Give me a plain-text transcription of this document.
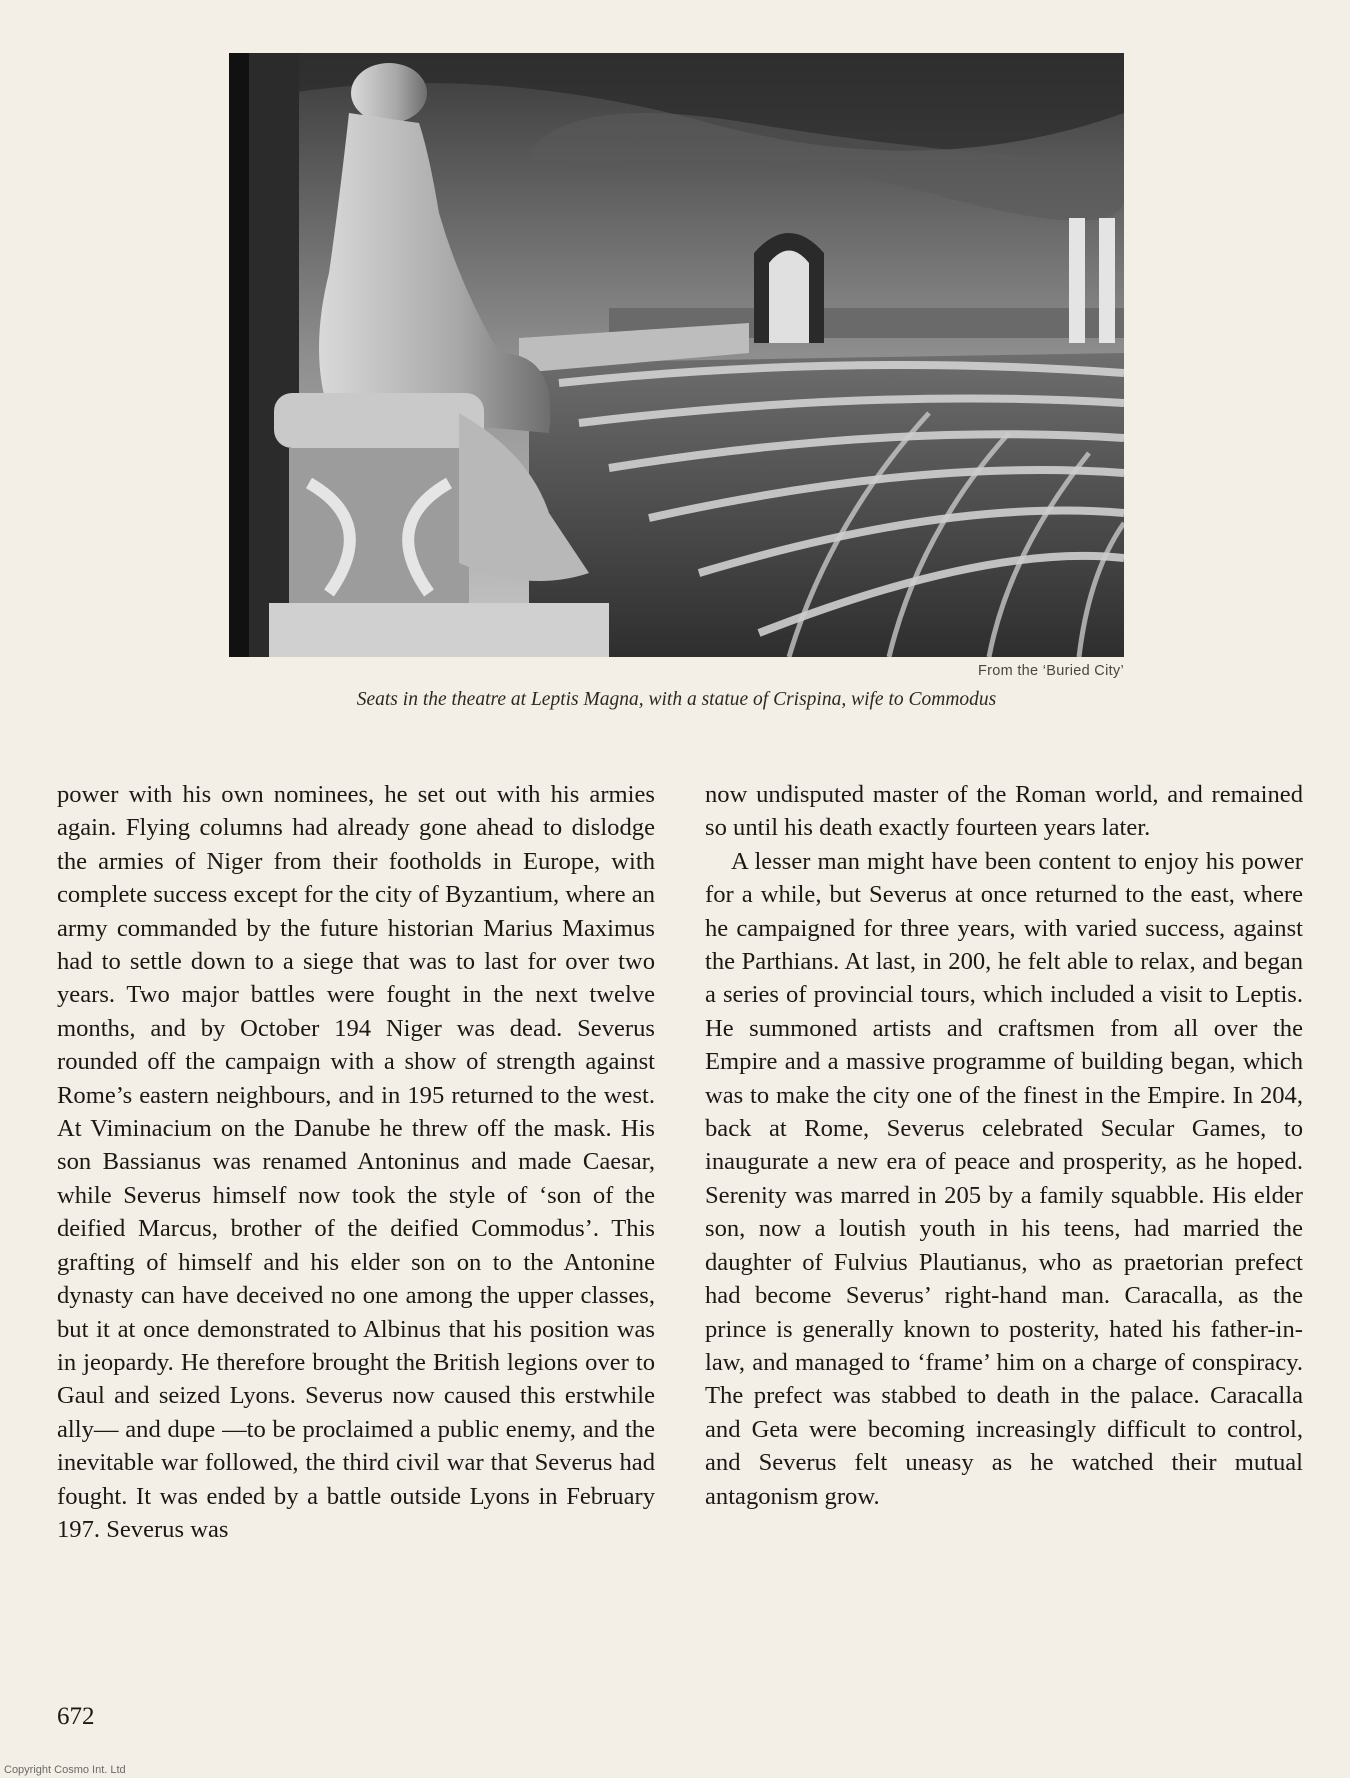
From the ‘Buried City’
Seats in the theatre at Leptis Magna, with a statue of Crispina, wife to Commodus

power with his own nominees, he set out with his armies again. Flying columns had already gone ahead to dislodge the armies of Niger from their footholds in Europe, with complete success except for the city of Byzantium, where an army commanded by the future historian Marius Maximus had to settle down to a siege that was to last for over two years. Two major battles were fought in the next twelve months, and by October 194 Niger was dead. Severus rounded off the campaign with a show of strength against Rome’s eastern neighbours, and in 195 returned to the west. At Viminacium on the Danube he threw off the mask. His son Bassianus was renamed Antoninus and made Caesar, while Severus himself now took the style of ‘son of the deified Marcus, brother of the deified Commodus’. This grafting of himself and his elder son on to the Antonine dynasty can have deceived no one among the upper classes, but it at once demonstrated to Albinus that his position was in jeopardy. He therefore brought the British legions over to Gaul and seized Lyons. Severus now caused this erstwhile ally— and dupe —to be proclaimed a public enemy, and the inevitable war followed, the third civil war that Severus had fought. It was ended by a battle outside Lyons in February 197. Severus was

now undisputed master of the Roman world, and remained so until his death exactly fourteen years later.

A lesser man might have been content to enjoy his power for a while, but Severus at once returned to the east, where he campaigned for three years, with varied success, against the Parthians. At last, in 200, he felt able to relax, and began a series of provincial tours, which included a visit to Leptis. He summoned artists and craftsmen from all over the Empire and a massive programme of building began, which was to make the city one of the finest in the Empire. In 204, back at Rome, Severus celebrated Secular Games, to inaugurate a new era of peace and prosperity, as he hoped. Serenity was marred in 205 by a family squabble. His elder son, now a loutish youth in his teens, had married the daughter of Fulvius Plautianus, who as praetorian prefect had become Severus’ right-hand man. Caracalla, as the prince is generally known to posterity, hated his father-in-law, and managed to ‘frame’ him on a charge of conspiracy. The prefect was stabbed to death in the palace. Caracalla and Geta were becoming increasingly difficult to control, and Severus felt uneasy as he watched their mutual antagonism grow.

672
Copyright Cosmo Int. Ltd
